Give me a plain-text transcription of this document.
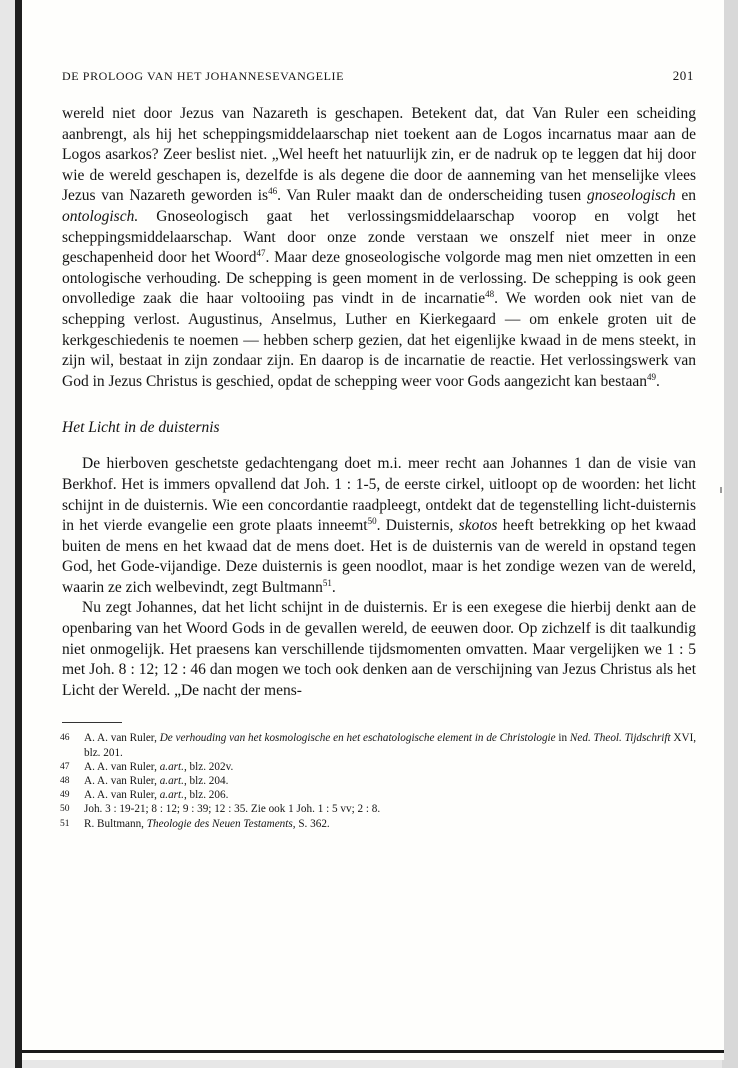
DE PROLOOG VAN HET JOHANNESEVANGELIE	201

wereld niet door Jezus van Nazareth is geschapen. Betekent dat, dat Van Ruler een scheiding aanbrengt, als hij het scheppingsmiddelaarschap niet toekent aan de Logos incarnatus maar aan de Logos asarkos? Zeer beslist niet. „Wel heeft het natuurlijk zin, er de nadruk op te leggen dat hij door wie de wereld geschapen is, dezelfde is als degene die door de aanneming van het menselijke vlees Jezus van Nazareth geworden $is^{46}$. Van Ruler maakt dan de onderscheiding tusen gnoseologisch en ontologisch. Gnoseologisch gaat het verlossingsmiddelaarschap voorop en volgt het scheppingsmiddelaarschap. Want door onze zonde verstaan we onszelf niet meer in onze geschapenheid door het Woord$^{47}$. Maar deze gnoseologische volgorde mag men niet omzetten in een ontologische verhouding. De schepping is geen moment in de verlossing. De schepping is ook geen onvolledige zaak die haar voltooiing pas vindt in de incarnatie$^{48}$. We worden ook niet van de schepping verlost. Augustinus, Anselmus, Luther en Kierkegaard — om enkele groten uit de kerkgeschiedenis te noemen — hebben scherp gezien, dat het eigenlijke kwaad in de mens steekt, in zijn wil, bestaat in zijn zondaar zijn. En daarop is de incarnatie de reactie. Het verlossingswerk van God in Jezus Christus is geschied, opdat de schepping weer voor Gods aangezicht kan bestaan$^{49}$.

Het Licht in de duisternis

De hierboven geschetste gedachtengang doet m.i. meer recht aan Johannes 1 dan de visie van Berkhof. Het is immers opvallend dat Joh. 1 : 1-5, de eerste cirkel, uitloopt op de woorden: het licht schijnt in de duisternis. Wie een concordantie raadpleegt, ontdekt dat de tegenstelling licht-duisternis in het vierde evangelie een grote plaats inneemt$^{50}$. Duisternis, skotos heeft betrekking op het kwaad buiten de mens en het kwaad dat de mens doet. Het is de duisternis van de wereld in opstand tegen God, het Gode-vijandige. Deze duisternis is geen noodlot, maar is het zondige wezen van de wereld, waarin ze zich welbevindt, zegt Bultmann$^{51}$.

Nu zegt Johannes, dat het licht schijnt in de duisternis. Er is een exegese die hierbij denkt aan de openbaring van het Woord Gods in de gevallen wereld, de eeuwen door. Op zichzelf is dit taalkundig niet onmogelijk. Het praesens kan verschillende tijdsmomenten omvatten. Maar vergelijken we 1 : 5 met Joh. 8 : 12; 12 : 46 dan mogen we toch ook denken aan de verschijning van Jezus Christus als het Licht der Wereld. „De nacht der mens-

46	A. A. van Ruler, De verhouding van het kosmologische en het eschatologische element in de Christologie in Ned. Theol. Tijdschrift XVI, blz. 201.
47	A. A. van Ruler, a.art., blz. 202v.
48	A. A. van Ruler, a.art., blz. 204.
49	A. A. van Ruler, a.art., blz. 206.
50	Joh. 3 : 19-21; 8 : 12; 9 : 39; 12 : 35. Zie ook 1 Joh. 1 : 5 vv; 2 : 8.
51	R. Bultmann, Theologie des Neuen Testaments, S. 362.
